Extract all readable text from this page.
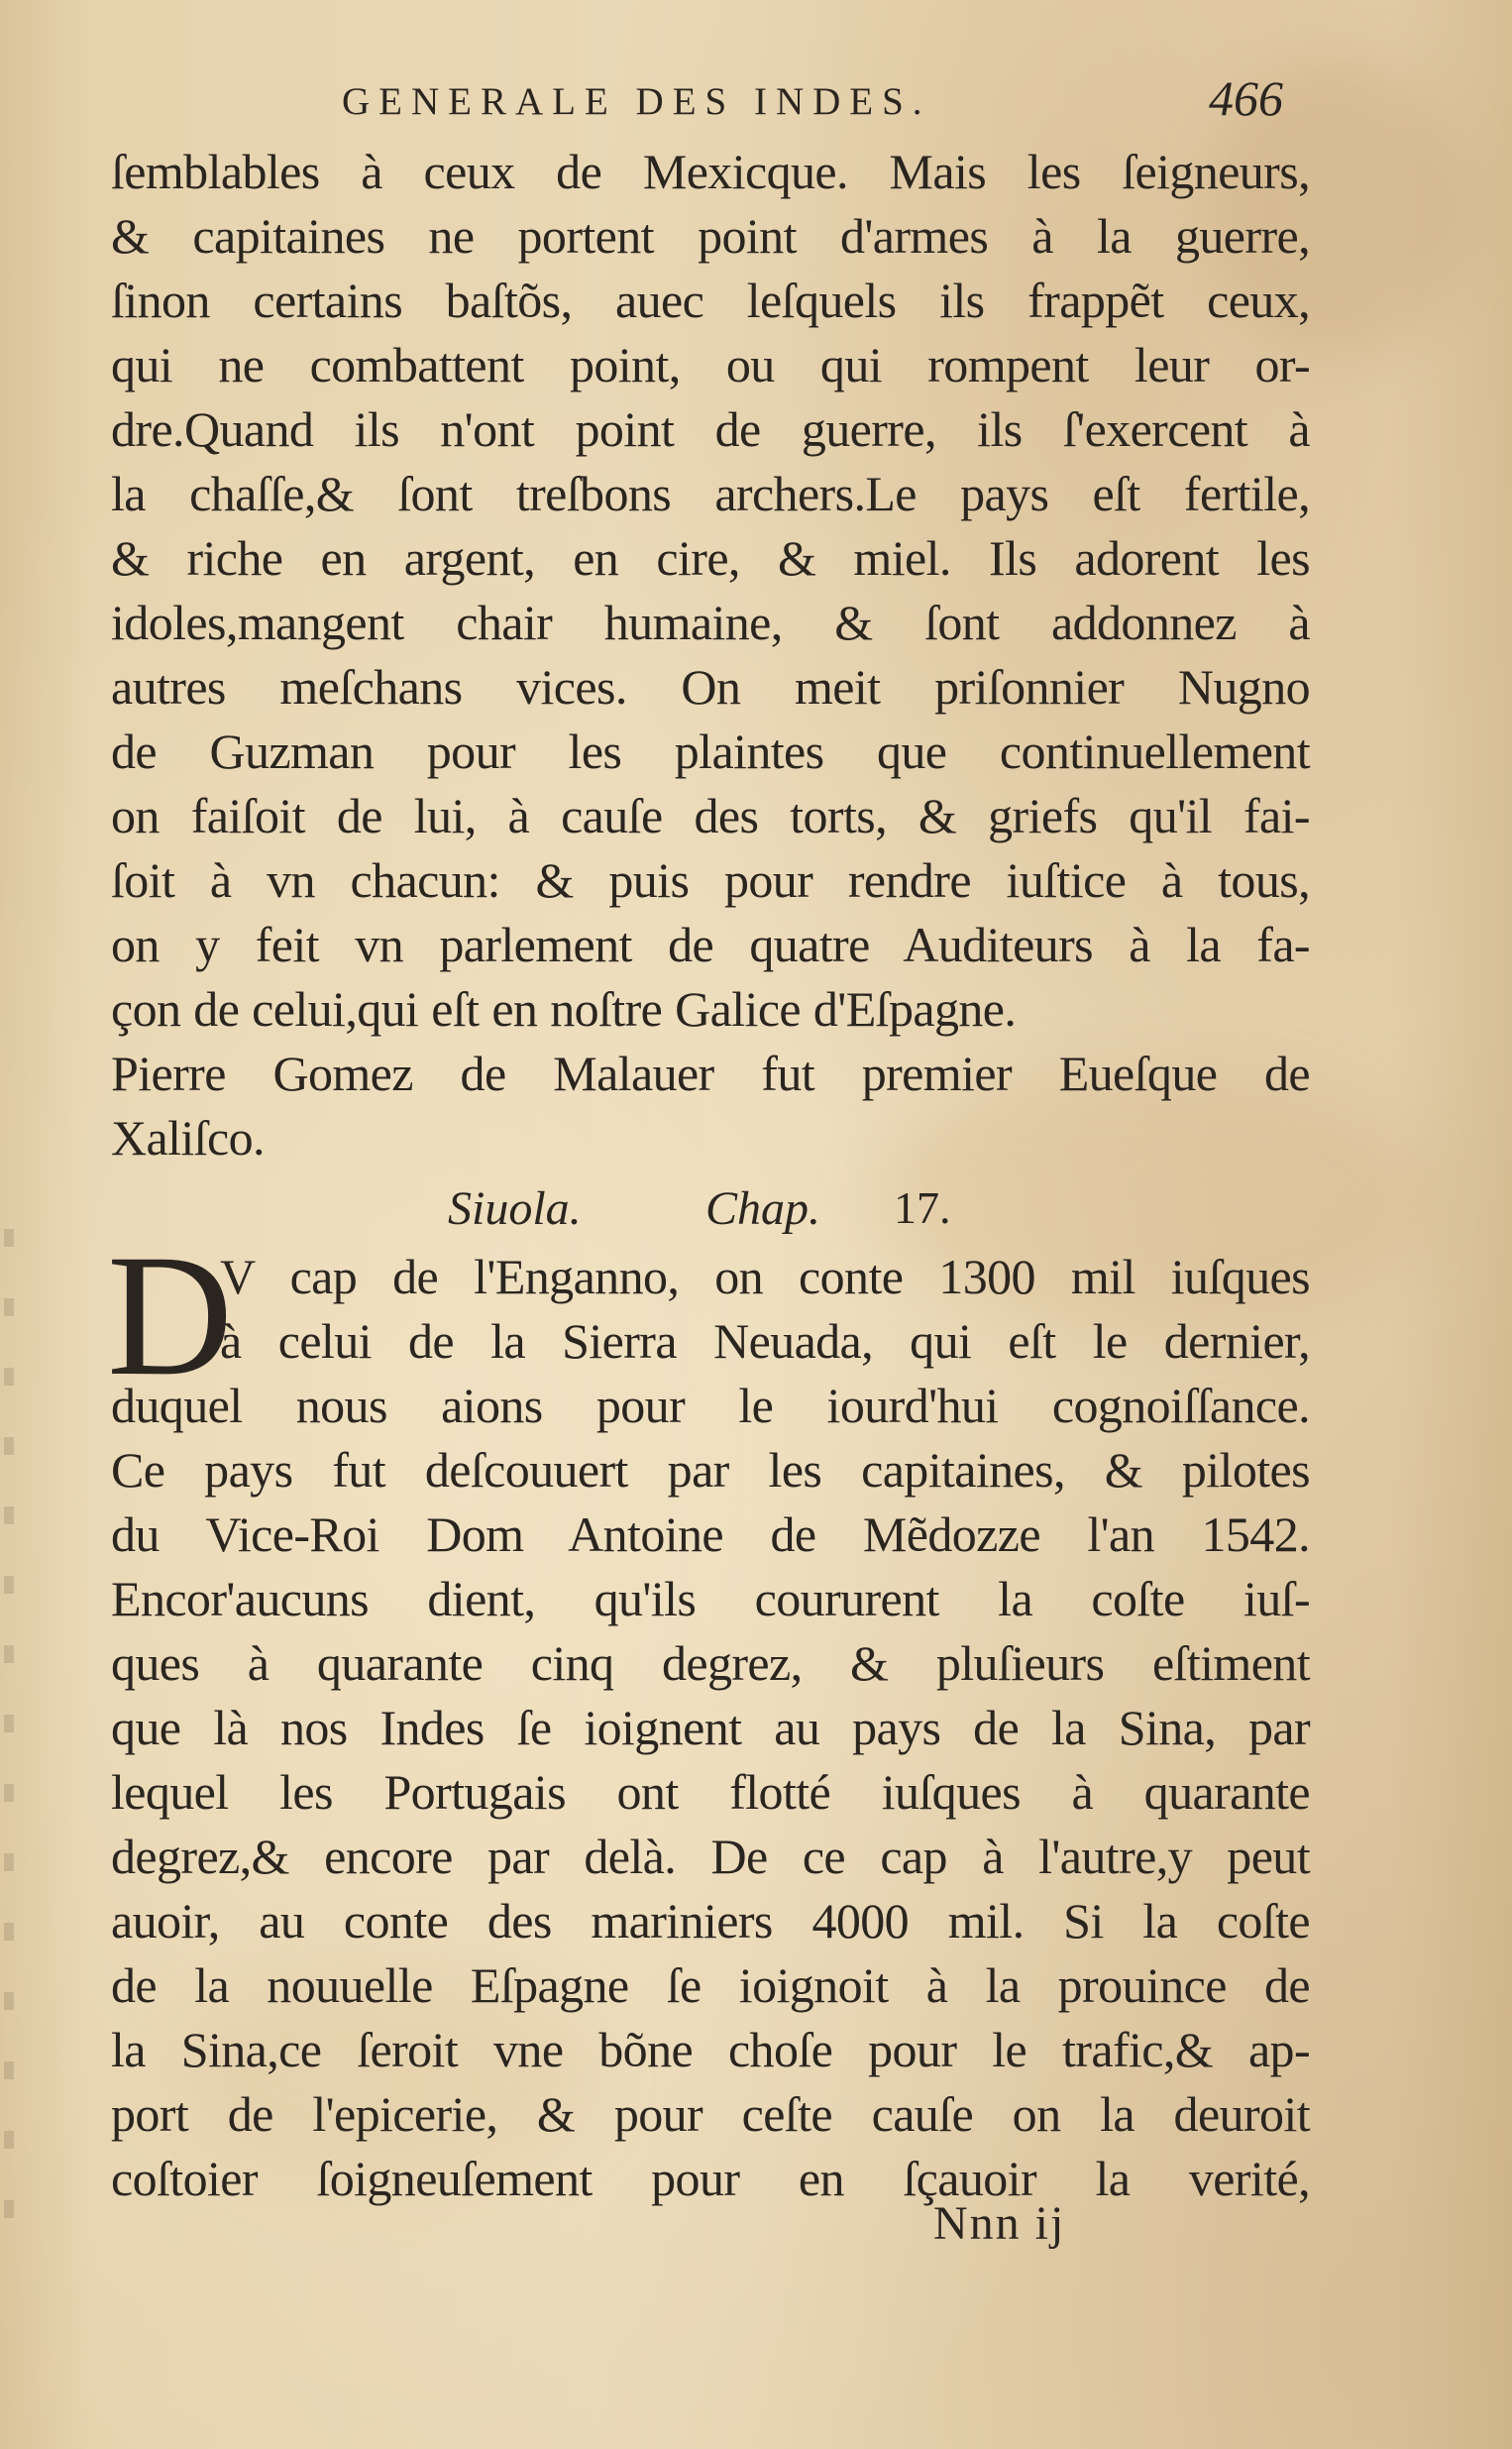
GENERALE DES INDES.	466
ſemblables à ceux de Mexicque. Mais les ſeigneurs,
& capitaines ne portent point d'armes à la guerre,
ſinon certains baſtõs, auec leſquels ils frappẽt ceux,
qui ne combattent point, ou qui rompent leur or-
dre.Quand ils n'ont point de guerre, ils ſ'exercent à
la chaſſe,& ſont treſbons archers.Le pays eſt fertile,
& riche en argent, en cire, & miel. Ils adorent les
idoles,mangent chair humaine, & ſont addonnez à
autres meſchans vices. On meit priſonnier Nugno
de Guzman pour les plaintes que continuellement
on faiſoit de lui, à cauſe des torts, & griefs qu'il fai-
ſoit à vn chacun: & puis pour rendre iuſtice à tous,
on y feit vn parlement de quatre Auditeurs à la fa-
çon de celui,qui eſt en noſtre Galice d'Eſpagne.
Pierre Gomez de Malauer fut premier Eueſque de
Xaliſco.
Siuola.	Chap. 17.
D
V cap de l'Enganno, on conte 1300 mil iuſques
à celui de la Sierra Neuada, qui eſt le dernier,
duquel nous aions pour le iourd'hui cognoiſſance.
Ce pays fut deſcouuert par les capitaines, & pilotes
du Vice-Roi Dom Antoine de Mẽdozze l'an 1542.
Encor'aucuns dient, qu'ils coururent la coſte iuſ-
ques à quarante cinq degrez, & pluſieurs eſtiment
que là nos Indes ſe ioignent au pays de la Sina, par
lequel les Portugais ont flotté iuſques à quarante
degrez,& encore par delà. De ce cap à l'autre,y peut
auoir, au conte des mariniers 4000 mil. Si la coſte
de la nouuelle Eſpagne ſe ioignoit à la prouince de
la Sina,ce ſeroit vne bõne choſe pour le trafic,& ap-
port de l'epicerie, & pour ceſte cauſe on la deuroit
coſtoier ſoigneuſement pour en ſçauoir la verité,
Nnn ij
